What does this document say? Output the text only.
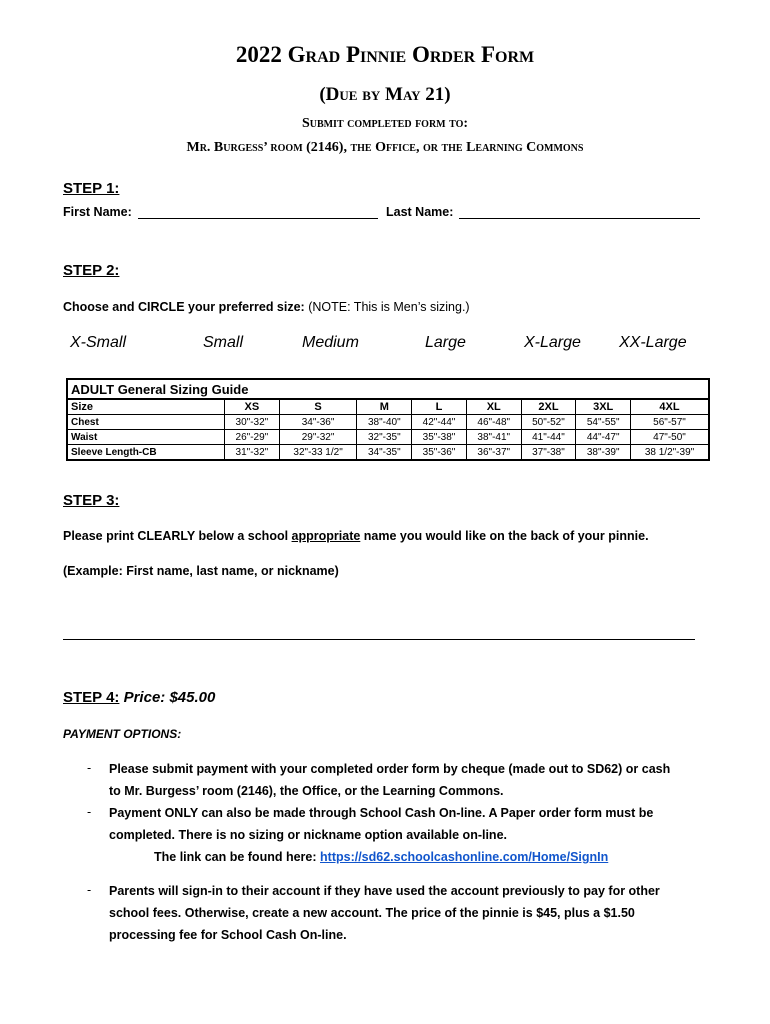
2022 Grad Pinnie Order Form
(Due by May 21)
Submit completed form to:
Mr. Burgess’ room (2146), the Office, or the Learning Commons
STEP 1:
First Name:	Last Name:
STEP 2:
Choose and CIRCLE your preferred size: (NOTE: This is Men’s sizing.)
X-Small	Small	Medium	Large	X-Large XX-Large
ADULT General Sizing Guide								
Size	XS	S	M	L	XL	2XL	3XL	4XL
Chest	30"-32"	34"-36"	38"-40"	42"-44"	46"-48"	50"-52"	54"-55"	56"-57"
Waist	26"-29"	29"-32"	32"-35"	35"-38"	38"-41"	41"-44"	44"-47"	47"-50"
Sleeve Length-CB	31"-32"	32"-33 1/2"	34"-35"	35"-36"	36"-37"	37"-38"	38"-39"	38 1/2"-39"
STEP 3:
Please print CLEARLY below a school appropriate name you would like on the back of your pinnie.
(Example: First name, last name, or nickname)
STEP 4: Price: $45.00
PAYMENT OPTIONS:
- Please submit payment with your completed order form by cheque (made out to SD62) or cash
to Mr. Burgess’ room (2146), the Office, or the Learning Commons.
- Payment ONLY can also be made through School Cash On-line. A Paper order form must be
completed. There is no sizing or nickname option available on-line.
The link can be found here: https://sd62.schoolcashonline.com/Home/SignIn
- Parents will sign-in to their account if they have used the account previously to pay for other
school fees. Otherwise, create a new account. The price of the pinnie is $45, plus a $1.50
processing fee for School Cash On-line.
